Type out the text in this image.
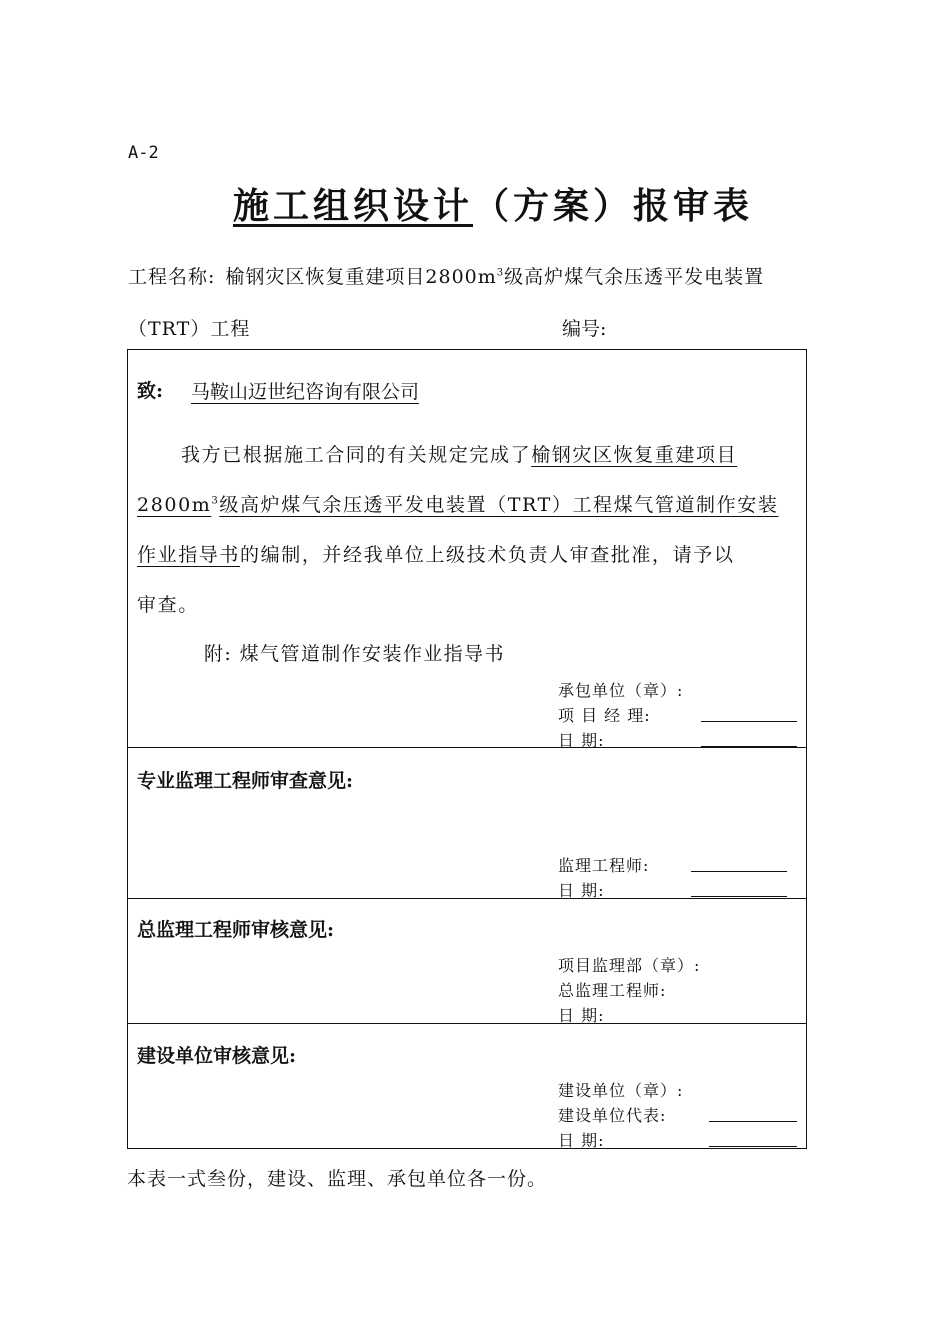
A-2
施工组织设计（方案）报审表
工程名称: 榆钢灾区恢复重建项目$2800m^3$级高炉煤气余压透平发电装置
（TRT）工程	编号:
致: 马鞍山迈世纪咨询有限公司
我方已根据施工合同的有关规定完成了榆钢灾区恢复重建项目
$2800m^3$级高炉煤气余压透平发电装置（TRT）工程煤气管道制作安装
作业指导书的编制，并经我单位上级技术负责人审查批准，请予以
审查。
附: 煤气管道制作安装作业指导书
承包单位（章）:
项 目 经 理:
日 期:
专业监理工程师审查意见:
监理工程师:
日 期:
总监理工程师审核意见:
项目监理部（章）:
总监理工程师:
日 期:
建设单位审核意见:
建设单位（章）:
建设单位代表:
日 期:
本表一式叁份，建设、监理、承包单位各一份。
